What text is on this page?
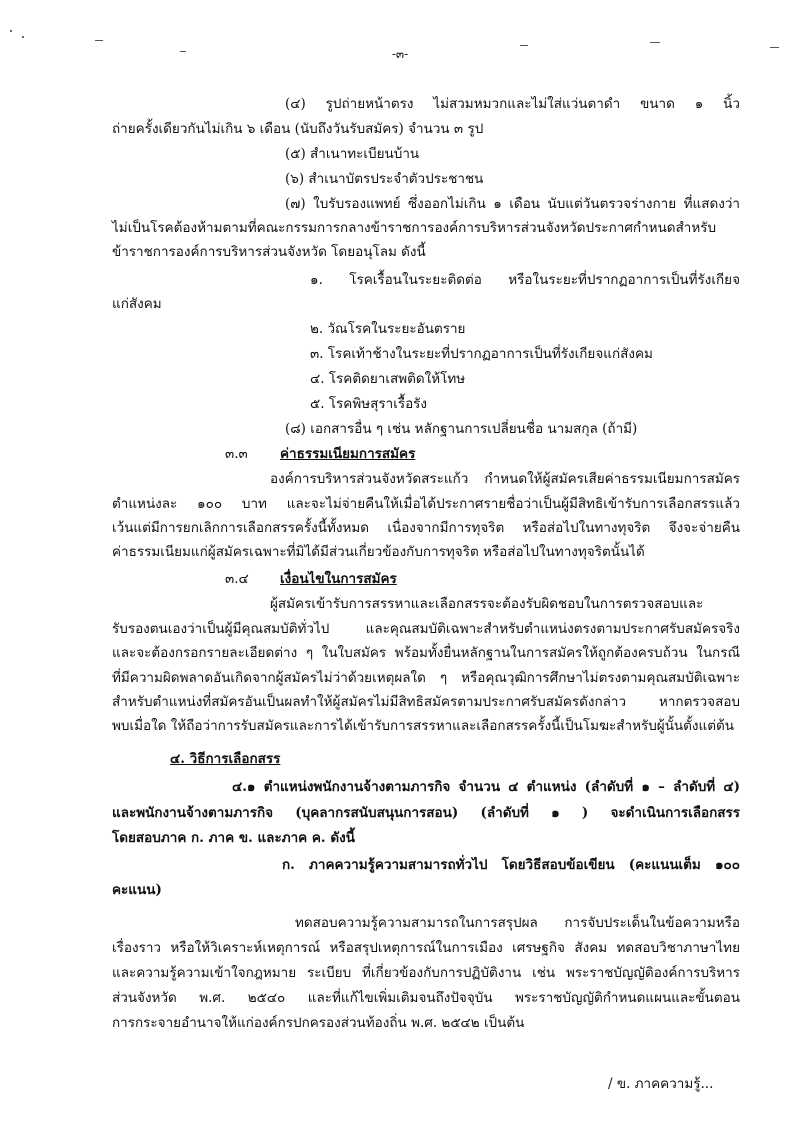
-๓-
(๔) รูปถ่ายหน้าตรง ไม่สวมหมวกและไม่ใส่แว่นตาดำ ขนาด ๑ นิ้ว
ถ่ายครั้งเดียวกันไม่เกิน ๖ เดือน (นับถึงวันรับสมัคร) จำนวน ๓ รูป
(๕) สำเนาทะเบียนบ้าน
(๖) สำเนาบัตรประจำตัวประชาชน
(๗) ใบรับรองแพทย์ ซึ่งออกไม่เกิน ๑ เดือน นับแต่วันตรวจร่างกาย ที่แสดงว่า
ไม่เป็นโรคต้องห้ามตามที่คณะกรรมการกลางข้าราชการองค์การบริหารส่วนจังหวัดประกาศกำหนดสำหรับ
ข้าราชการองค์การบริหารส่วนจังหวัด โดยอนุโลม ดังนี้
๑. โรคเรื้อนในระยะติดต่อ หรือในระยะที่ปรากฏอาการเป็นที่รังเกียจ
แก่สังคม
๒. วัณโรคในระยะอันตราย
๓. โรคเท้าช้างในระยะที่ปรากฏอาการเป็นที่รังเกียจแก่สังคม
๔. โรคติดยาเสพติดให้โทษ
๕. โรคพิษสุราเรื้อรัง
(๘) เอกสารอื่น ๆ เช่น หลักฐานการเปลี่ยนชื่อ นามสกุล (ถ้ามี)
๓.๓ ค่าธรรมเนียมการสมัคร
องค์การบริหารส่วนจังหวัดสระแก้ว กำหนดให้ผู้สมัครเสียค่าธรรมเนียมการสมัคร
ตำแหน่งละ ๑๐๐ บาท และจะไม่จ่ายคืนให้เมื่อได้ประกาศรายชื่อว่าเป็นผู้มีสิทธิเข้ารับการเลือกสรรแล้ว
เว้นแต่มีการยกเลิกการเลือกสรรครั้งนี้ทั้งหมด เนื่องจากมีการทุจริต หรือส่อไปในทางทุจริต จึงจะจ่ายคืน
ค่าธรรมเนียมแก่ผู้สมัครเฉพาะที่มิได้มีส่วนเกี่ยวข้องกับการทุจริต หรือส่อไปในทางทุจริตนั้นได้
๓.๔ เงื่อนไขในการสมัคร
ผู้สมัครเข้ารับการสรรหาและเลือกสรรจะต้องรับผิดชอบในการตรวจสอบและ
รับรองตนเองว่าเป็นผู้มีคุณสมบัติทั่วไป และคุณสมบัติเฉพาะสำหรับตำแหน่งตรงตามประกาศรับสมัครจริง
และจะต้องกรอกรายละเอียดต่าง ๆ ในใบสมัคร พร้อมทั้งยื่นหลักฐานในการสมัครให้ถูกต้องครบถ้วน ในกรณี
ที่มีความผิดพลาดอันเกิดจากผู้สมัครไม่ว่าด้วยเหตุผลใด ๆ หรือคุณวุฒิการศึกษาไม่ตรงตามคุณสมบัติเฉพาะ
สำหรับตำแหน่งที่สมัครอันเป็นผลทำให้ผู้สมัครไม่มีสิทธิสมัครตามประกาศรับสมัครดังกล่าว หากตรวจสอบ
พบเมื่อใด ให้ถือว่าการรับสมัครและการได้เข้ารับการสรรหาและเลือกสรรครั้งนี้เป็นโมฆะสำหรับผู้นั้นตั้งแต่ต้น
๔. วิธีการเลือกสรร
๔.๑ ตำแหน่งพนักงานจ้างตามภารกิจ จำนวน ๔ ตำแหน่ง (ลำดับที่ ๑ – ลำดับที่ ๔)
และพนักงานจ้างตามภารกิจ (บุคลากรสนับสนุนการสอน) (ลำดับที่ ๑ ) จะดำเนินการเลือกสรร
โดยสอบภาค ก. ภาค ข. และภาค ค. ดังนี้
ก. ภาคความรู้ความสามารถทั่วไป โดยวิธีสอบข้อเขียน (คะแนนเต็ม ๑๐๐
คะแนน)
ทดสอบความรู้ความสามารถในการสรุปผล การจับประเด็นในข้อความหรือ
เรื่องราว หรือให้วิเคราะห์เหตุการณ์ หรือสรุปเหตุการณ์ในการเมือง เศรษฐกิจ สังคม ทดสอบวิชาภาษาไทย
และความรู้ความเข้าใจกฎหมาย ระเบียบ ที่เกี่ยวข้องกับการปฏิบัติงาน เช่น พระราชบัญญัติองค์การบริหาร
ส่วนจังหวัด พ.ศ. ๒๕๔๐ และที่แก้ไขเพิ่มเติมจนถึงปัจจุบัน พระราชบัญญัติกำหนดแผนและขั้นตอน
การกระจายอำนาจให้แก่องค์กรปกครองส่วนท้องถิ่น พ.ศ. ๒๕๔๒ เป็นต้น
/ ข. ภาคความรู้...
